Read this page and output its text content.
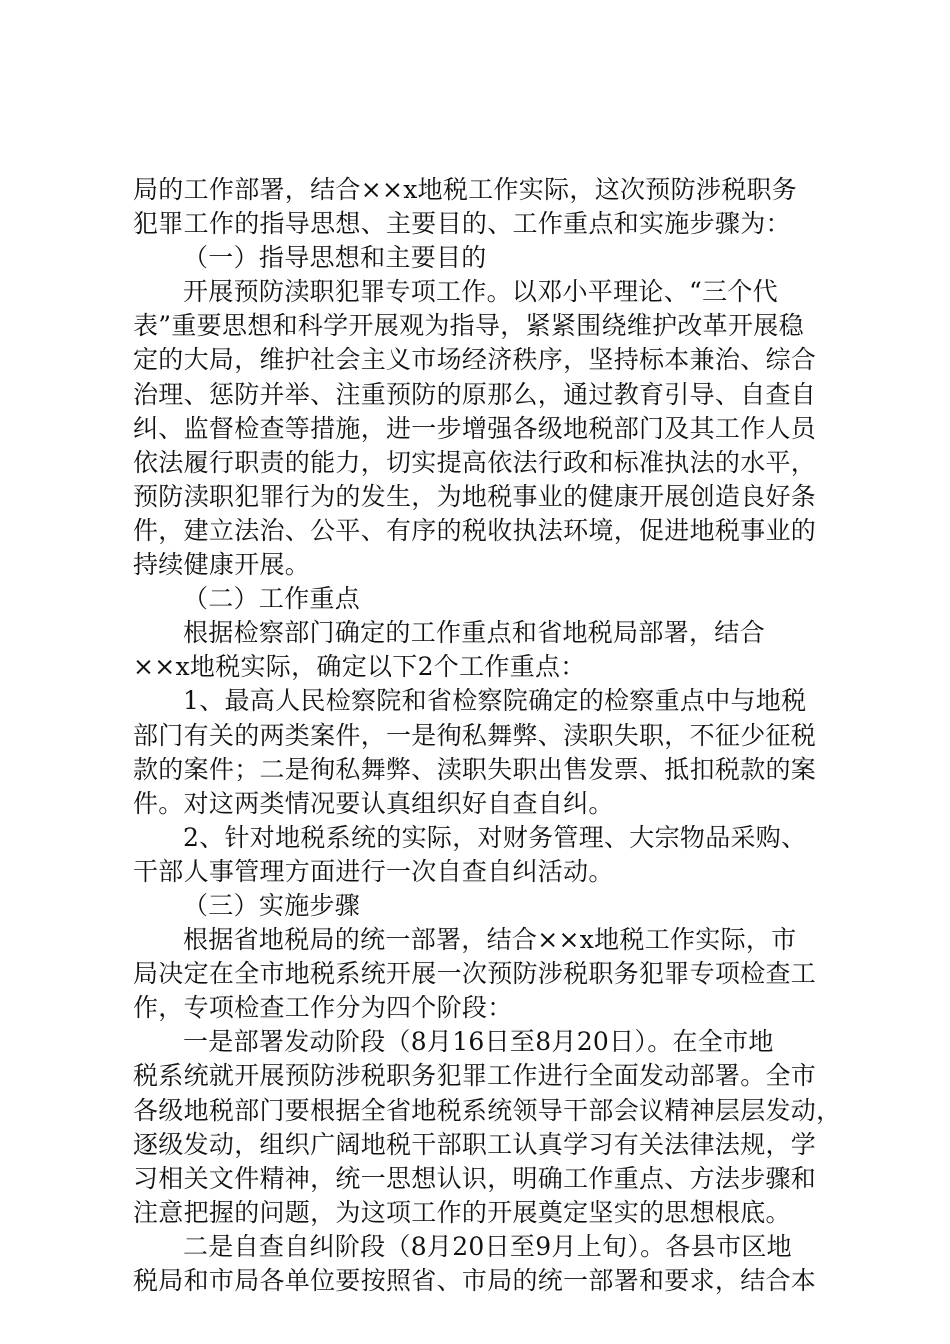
局的工作部署，结合××x地税工作实际，这次预防涉税职务
犯罪工作的指导思想、主要目的、工作重点和实施步骤为：
（一）指导思想和主要目的
开展预防渎职犯罪专项工作。以邓小平理论、“三个代
表”重要思想和科学开展观为指导，紧紧围绕维护改革开展稳
定的大局，维护社会主义市场经济秩序，坚持标本兼治、综合
治理、惩防并举、注重预防的原那么，通过教育引导、自查自
纠、监督检查等措施，进一步增强各级地税部门及其工作人员
依法履行职责的能力，切实提高依法行政和标准执法的水平，
预防渎职犯罪行为的发生，为地税事业的健康开展创造良好条
件，建立法治、公平、有序的税收执法环境，促进地税事业的
持续健康开展。
（二）工作重点
根据检察部门确定的工作重点和省地税局部署，结合
××x地税实际，确定以下2个工作重点：
1、最高人民检察院和省检察院确定的检察重点中与地税
部门有关的两类案件，一是徇私舞弊、渎职失职，不征少征税
款的案件；二是徇私舞弊、渎职失职出售发票、抵扣税款的案
件。对这两类情况要认真组织好自查自纠。
2、针对地税系统的实际，对财务管理、大宗物品采购、
干部人事管理方面进行一次自查自纠活动。
（三）实施步骤
根据省地税局的统一部署，结合××x地税工作实际，市
局决定在全市地税系统开展一次预防涉税职务犯罪专项检查工
作，专项检查工作分为四个阶段：
一是部署发动阶段（8月16日至8月20日）。在全市地
税系统就开展预防涉税职务犯罪工作进行全面发动部署。全市
各级地税部门要根据全省地税系统领导干部会议精神层层发动，
逐级发动，组织广阔地税干部职工认真学习有关法律法规，学
习相关文件精神，统一思想认识，明确工作重点、方法步骤和
注意把握的问题，为这项工作的开展奠定坚实的思想根底。
二是自查自纠阶段（8月20日至9月上旬）。各县市区地
税局和市局各单位要按照省、市局的统一部署和要求，结合本
